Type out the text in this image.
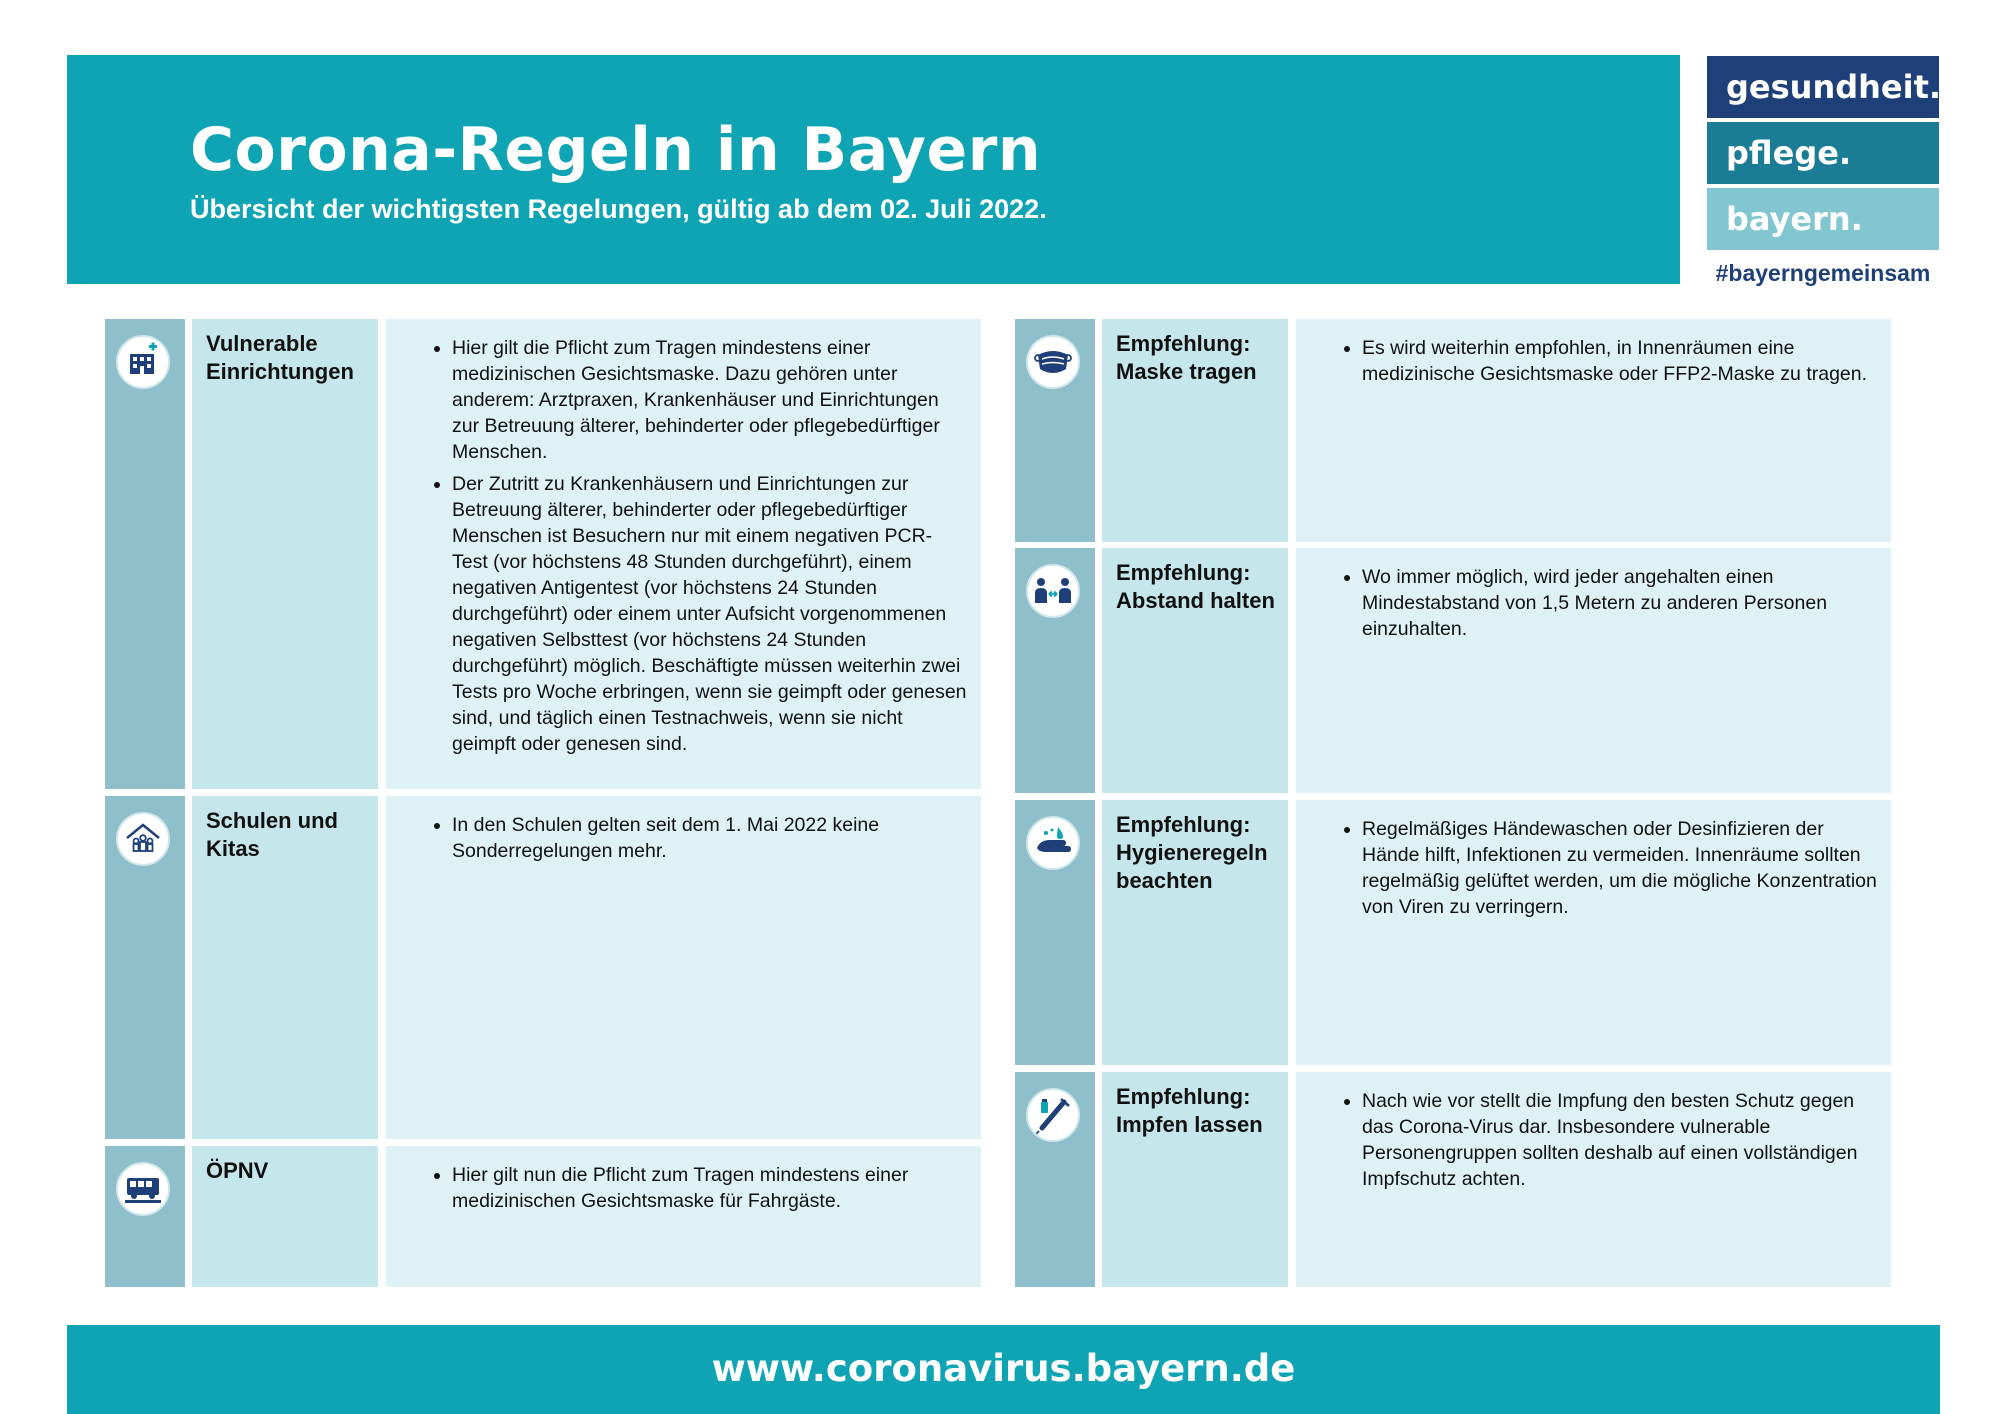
Corona-Regeln in Bayern

Übersicht der wichtigsten Regelungen, gültig ab dem 02. Juli 2022.

gesundheit.
pflege.
bayern.
#bayerngemeinsam
Vulnerable Einrichtungen
• Hier gilt die Pflicht zum Tragen mindestens einer medizinischen Gesichtsmaske. Dazu gehören unter anderem: Arztpraxen, Krankenhäuser und Einrichtungen zur Betreuung älterer, behinderter oder pflegebedürftiger Menschen.
• Der Zutritt zu Krankenhäusern und Einrichtungen zur Betreuung älterer, behinderter oder pflegebedürftiger Menschen ist Besuchern nur mit einem negativen PCR-Test (vor höchstens 48 Stunden durchgeführt), einem negativen Antigentest (vor höchstens 24 Stunden durchgeführt) oder einem unter Aufsicht vorgenommenen negativen Selbsttest (vor höchstens 24 Stunden durchgeführt) möglich. Beschäftigte müssen weiterhin zwei Tests pro Woche erbringen, wenn sie geimpft oder genesen sind, und täglich einen Testnachweis, wenn sie nicht geimpft oder genesen sind.
Schulen und Kitas
• In den Schulen gelten seit dem 1. Mai 2022 keine Sonderregelungen mehr.
ÖPNV
•	Hier gilt nun die Pflicht zum Tragen mindestens einer medizinischen Gesichtsmaske für Fahrgäste.
Empfehlung: Maske tragen
• Es wird weiterhin empfohlen, in Innenräumen eine medizinische Gesichtsmaske oder FFP2-Maske zu tragen.
Empfehlung: Abstand halten
• Wo immer möglich, wird jeder angehalten einen Mindestabstand von 1,5 Metern zu anderen Personen einzuhalten.
Empfehlung: Hygieneregeln beachten
• Regelmäßiges Händewaschen oder Desinfizieren der Hände hilft, Infektionen zu vermeiden. Innenräume sollten regelmäßig gelüftet werden, um die mögliche Konzentration von Viren zu verringern.
Empfehlung: Impfen lassen
• Nach wie vor stellt die Impfung den besten Schutz gegen das Corona-Virus dar. Insbesondere vulnerable Personengruppen sollten deshalb auf einen vollständigen Impfschutz achten.
www.coronavirus.bayern.de
